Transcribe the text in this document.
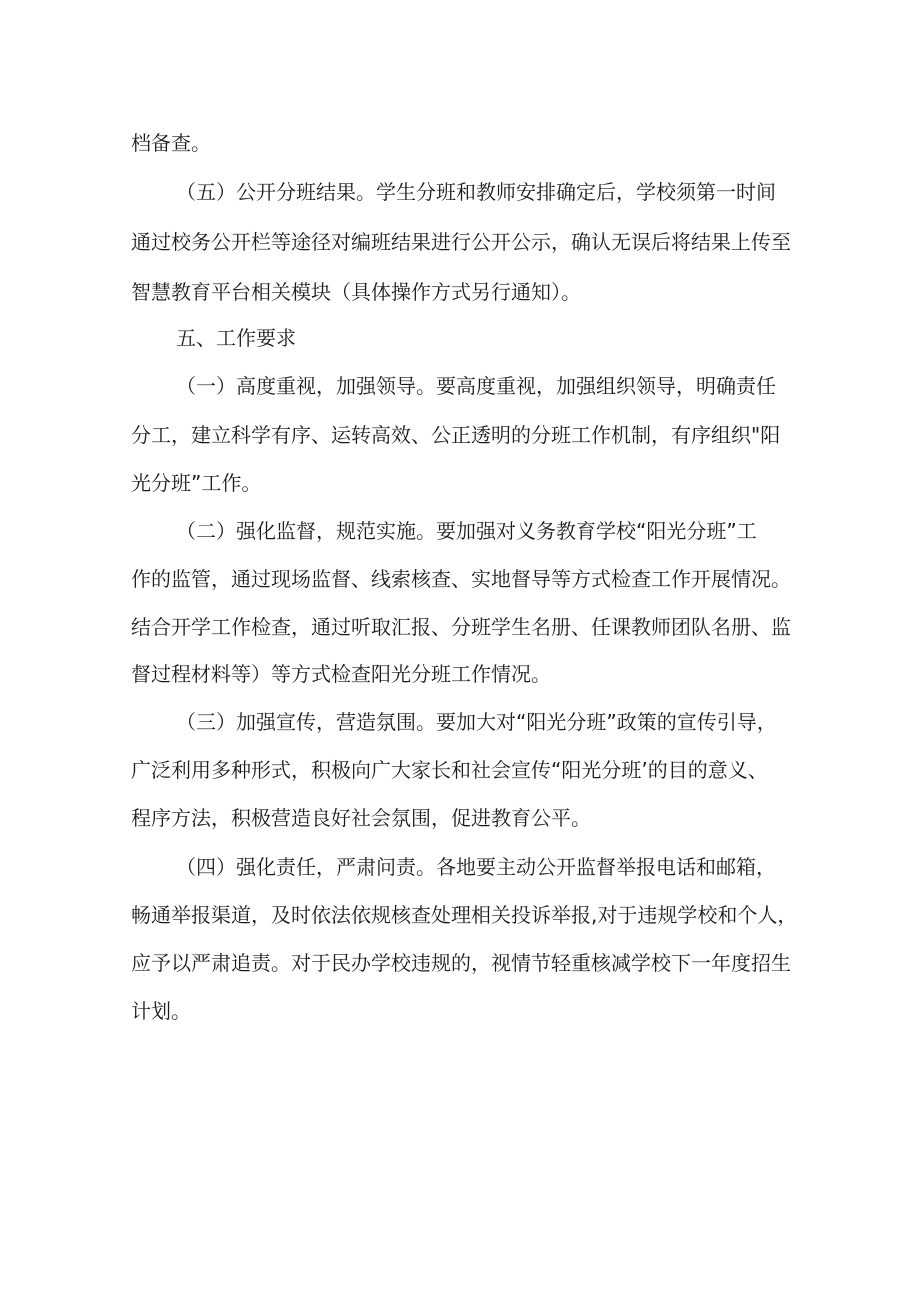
档备查。

（五）公开分班结果。学生分班和教师安排确定后，学校须第一时间

通过校务公开栏等途径对编班结果进行公开公示，确认无误后将结果上传至

智慧教育平台相关模块（具体操作方式另行通知）。

五、工作要求

（一）高度重视，加强领导。要高度重视，加强组织领导，明确责任

分工，建立科学有序、运转高效、公正透明的分班工作机制，有序组织"阳

光分班”工作。

（二）强化监督，规范实施。要加强对义务教育学校“阳光分班”工

作的监管，通过现场监督、线索核查、实地督导等方式检查工作开展情况。

结合开学工作检查，通过听取汇报、分班学生名册、任课教师团队名册、监

督过程材料等）等方式检查阳光分班工作情况。

（三）加强宣传，营造氛围。要加大对“阳光分班”政策的宣传引导，

广泛利用多种形式，积极向广大家长和社会宣传“阳光分班’的目的意义、

程序方法，积极营造良好社会氛围，促进教育公平。

（四）强化责任，严肃问责。各地要主动公开监督举报电话和邮箱，

畅通举报渠道，及时依法依规核查处理相关投诉举报,对于违规学校和个人，

应予以严肃追责。对于民办学校违规的，视情节轻重核减学校下一年度招生

计划。
